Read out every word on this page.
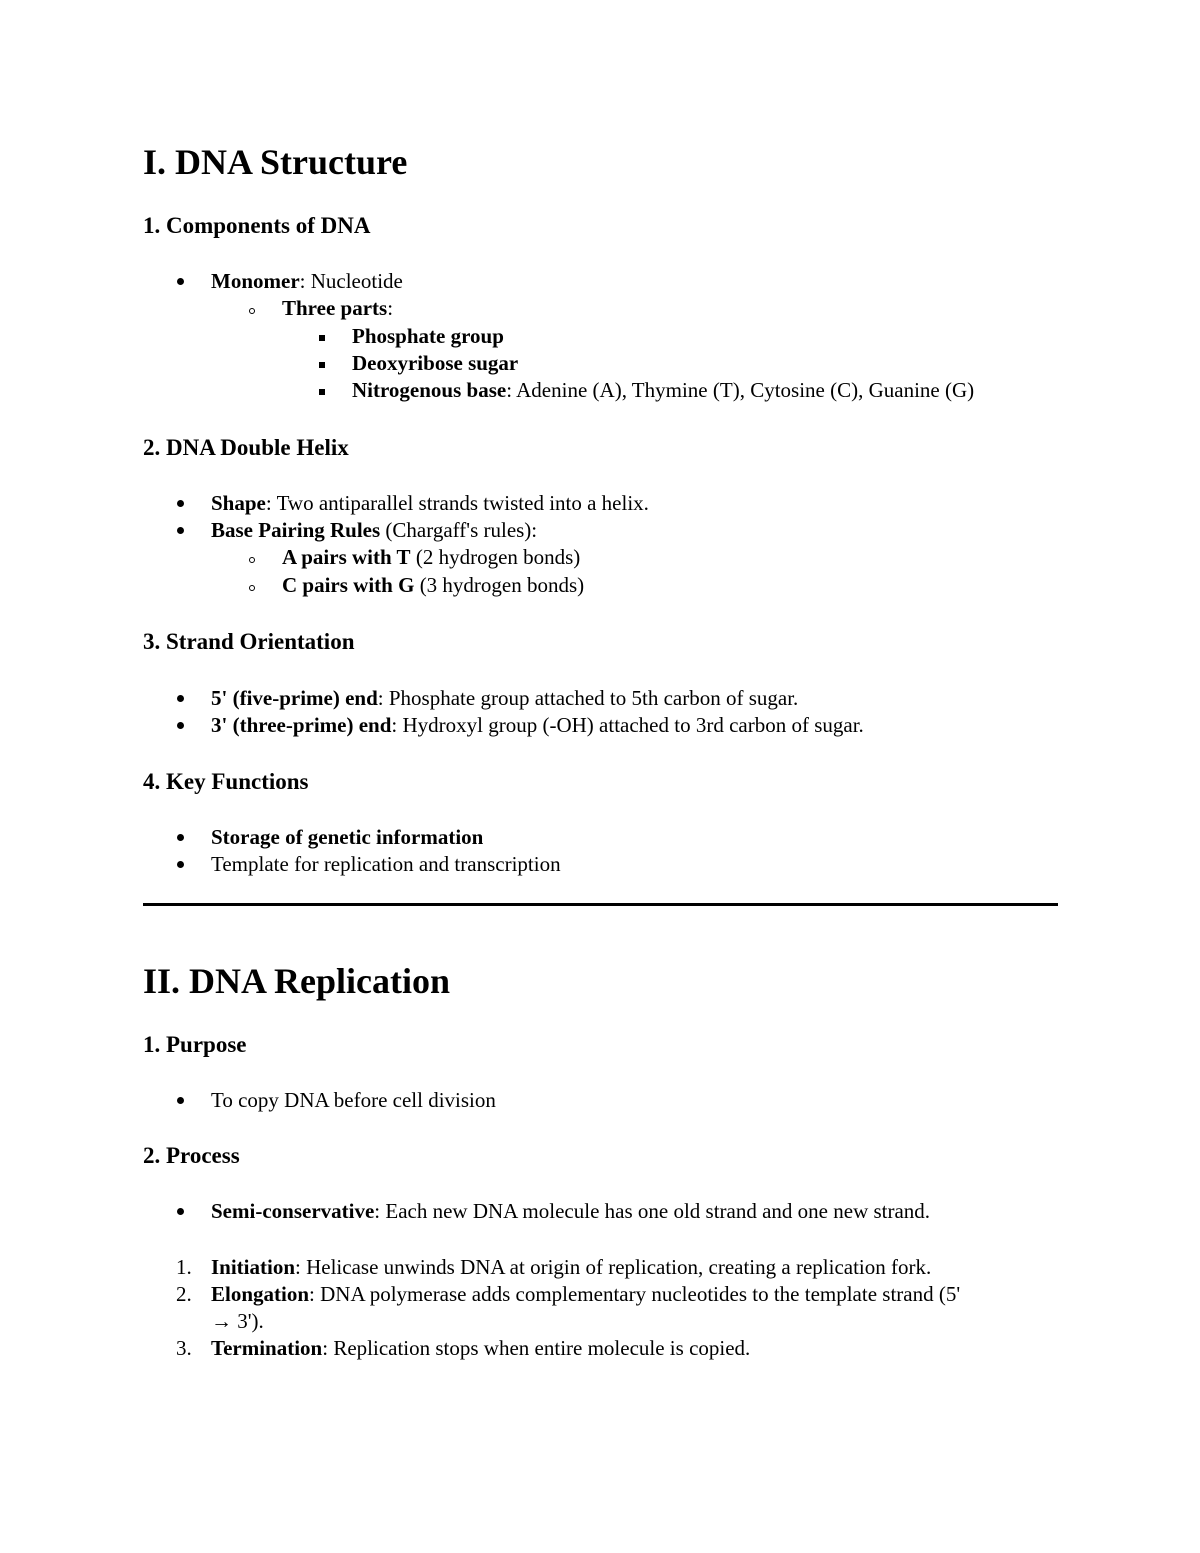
I. DNA Structure
1. Components of DNA
Monomer: Nucleotide
Three parts:
Phosphate group
Deoxyribose sugar
Nitrogenous base: Adenine (A), Thymine (T), Cytosine (C), Guanine (G)
2. DNA Double Helix
Shape: Two antiparallel strands twisted into a helix.
Base Pairing Rules (Chargaff's rules):
A pairs with T (2 hydrogen bonds)
C pairs with G (3 hydrogen bonds)
3. Strand Orientation
5' (five-prime) end: Phosphate group attached to 5th carbon of sugar.
3' (three-prime) end: Hydroxyl group (-OH) attached to 3rd carbon of sugar.
4. Key Functions
Storage of genetic information
Template for replication and transcription
II. DNA Replication
1. Purpose
To copy DNA before cell division
2. Process
Semi-conservative: Each new DNA molecule has one old strand and one new strand.
1. Initiation: Helicase unwinds DNA at origin of replication, creating a replication fork.
2. Elongation: DNA polymerase adds complementary nucleotides to the template strand (5'
→ 3').
3. Termination: Replication stops when entire molecule is copied.
